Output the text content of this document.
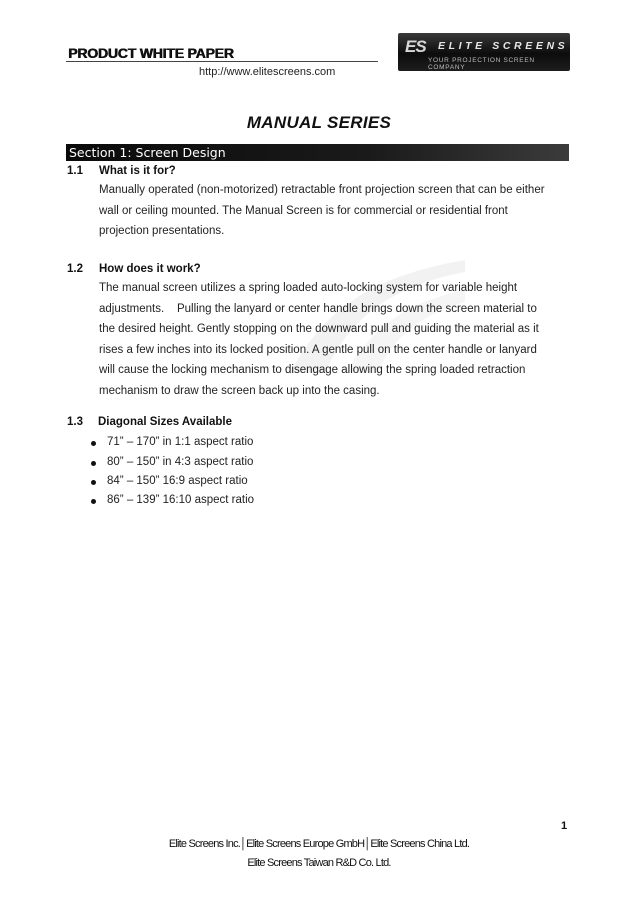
PRODUCT WHITE PAPER
http://www.elitescreens.com
ES ELITE SCREENS
YOUR PROJECTION SCREEN COMPANY
MANUAL SERIES
Section 1: Screen Design
1.1 What is it for?
Manually operated (non-motorized) retractable front projection screen that can be either
wall or ceiling mounted. The Manual Screen is for commercial or residential front
projection presentations.
1.2 How does it work?
The manual screen utilizes a spring loaded auto-locking system for variable height
adjustments.    Pulling the lanyard or center handle brings down the screen material to
the desired height. Gently stopping on the downward pull and guiding the material as it
rises a few inches into its locked position. A gentle pull on the center handle or lanyard
will cause the locking mechanism to disengage allowing the spring loaded retraction
mechanism to draw the screen back up into the casing.
1.3 Diagonal Sizes Available
71” – 170” in 1:1 aspect ratio
80” – 150” in 4:3 aspect ratio
84” – 150” 16:9 aspect ratio
86” – 139” 16:10 aspect ratio
1
Elite Screens Inc.│Elite Screens Europe GmbH│Elite Screens China Ltd.
Elite Screens Taiwan R&D Co. Ltd.
